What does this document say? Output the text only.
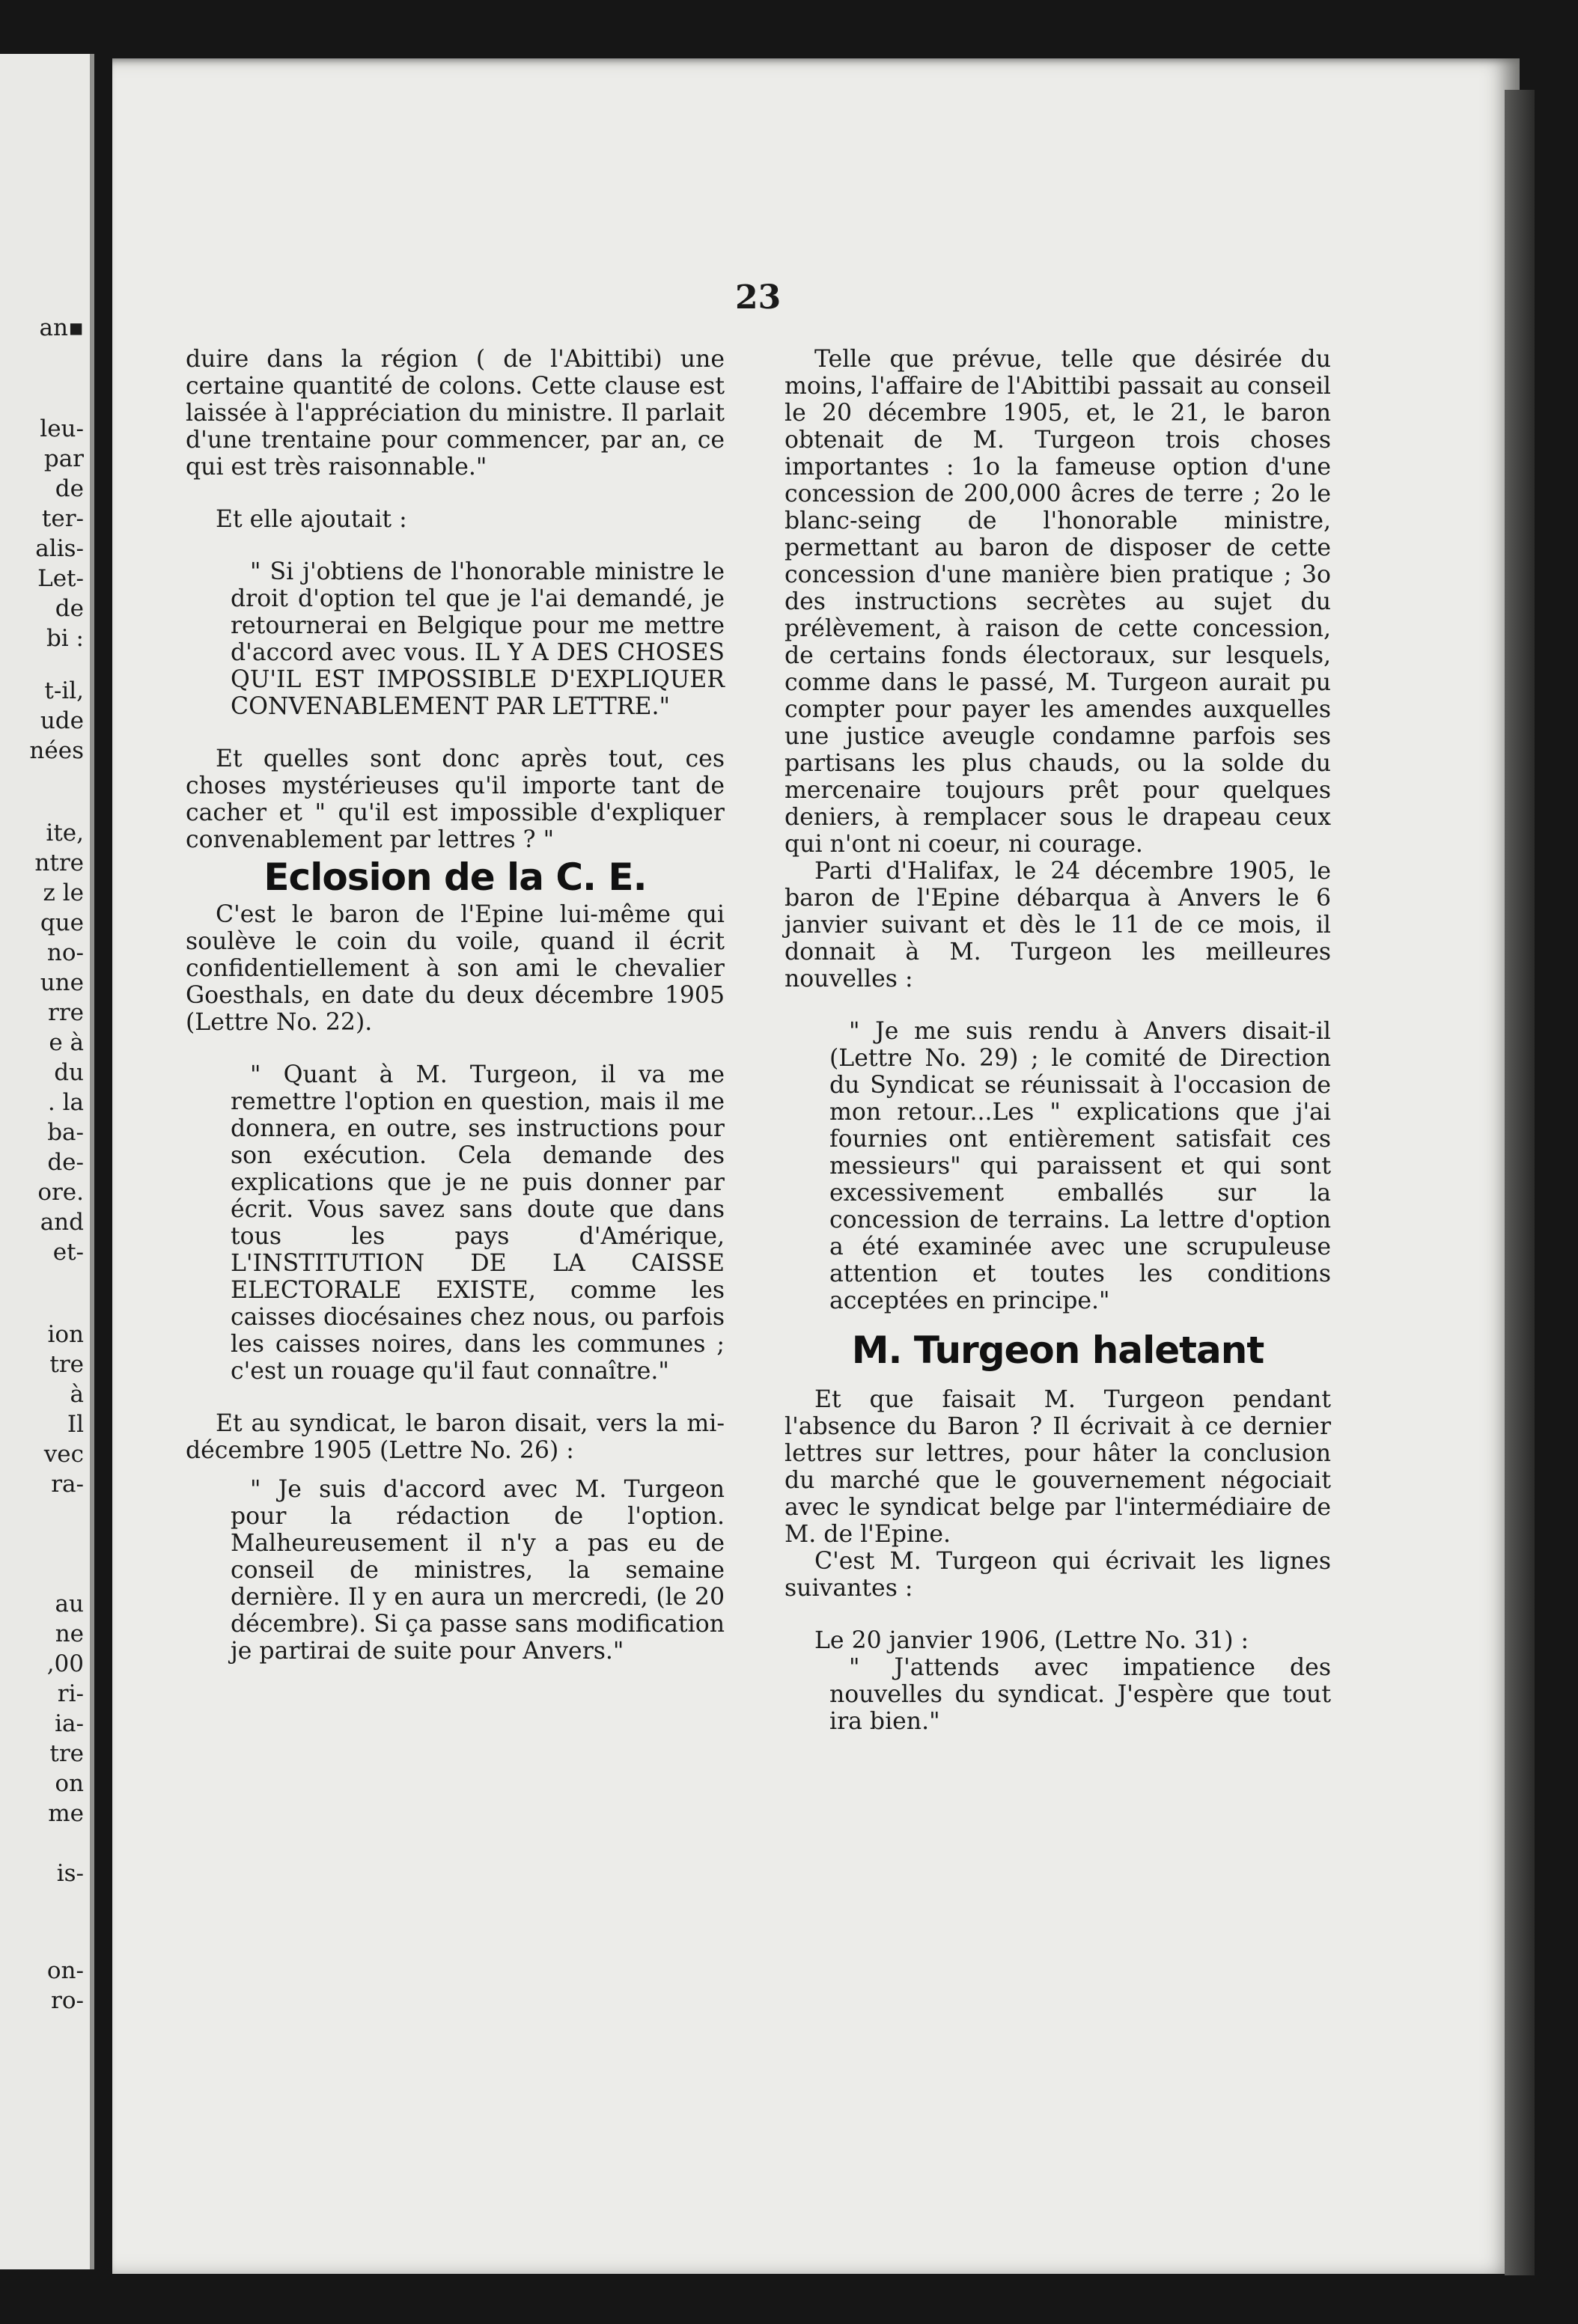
an▪
leu-
par
de
ter-
alis-
Let-
de
bi :
t-il,
ude
nées
ite,
ntre
z le
que
no-
une
rre
e à
du
. la
ba-
de-
ore.
and
et-
ion
tre
à
Il
vec
ra-
au
ne
,00
ri-
ia-
tre
on
me
is-
on-
ro-
23

duire dans la région ( de l'Abittibi) une certaine quantité de colons. Cette clause est laissée à l'appréciation du ministre. Il parlait d'une trentaine pour commencer, par an, ce qui est très raisonnable."

Et elle ajoutait :

" Si j'obtiens de l'honorable ministre le droit d'option tel que je l'ai demandé, je retournerai en Belgique pour me mettre d'accord avec vous. IL Y A DES CHOSES QU'IL EST IMPOSSIBLE D'EXPLIQUER CONVENABLEMENT PAR LETTRE."

Et quelles sont donc après tout, ces choses mystérieuses qu'il importe tant de cacher et " qu'il est impossible d'expliquer convenablement par lettres ? "

Eclosion de la C. E.

C'est le baron de l'Epine lui-même qui soulève le coin du voile, quand il écrit confidentiellement à son ami le chevalier Goesthals, en date du deux décembre 1905 (Lettre No. 22).

" Quant à M. Turgeon, il va me remettre l'option en question, mais il me donnera, en outre, ses instructions pour son exécution. Cela demande des explications que je ne puis donner par écrit. Vous savez sans doute que dans tous les pays d'Amérique, L'INSTITUTION DE LA CAISSE ELECTORALE EXISTE, comme les caisses diocésaines chez nous, ou parfois les caisses noires, dans les communes ; c'est un rouage qu'il faut connaître."

Et au syndicat, le baron disait, vers la mi-décembre 1905 (Lettre No. 26) :

" Je suis d'accord avec M. Turgeon pour la rédaction de l'option. Malheureusement il n'y a pas eu de conseil de ministres, la semaine dernière. Il y en aura un mercredi, (le 20 décembre). Si ça passe sans modification je partirai de suite pour Anvers."

Telle que prévue, telle que désirée du moins, l'affaire de l'Abittibi passait au conseil le 20 décembre 1905, et, le 21, le baron obtenait de M. Turgeon trois choses importantes : 1o la fameuse option d'une concession de 200,000 âcres de terre ; 2o le blanc-seing de l'honorable ministre, permettant au baron de disposer de cette concession d'une manière bien pratique ; 3o des instructions secrètes au sujet du prélèvement, à raison de cette concession, de certains fonds électoraux, sur lesquels, comme dans le passé, M. Turgeon aurait pu compter pour payer les amendes auxquelles une justice aveugle condamne parfois ses partisans les plus chauds, ou la solde du mercenaire toujours prêt pour quelques deniers, à remplacer sous le drapeau ceux qui n'ont ni coeur, ni courage.

Parti d'Halifax, le 24 décembre 1905, le baron de l'Epine débarqua à Anvers le 6 janvier suivant et dès le 11 de ce mois, il donnait à M. Turgeon les meilleures nouvelles :

" Je me suis rendu à Anvers disait-il (Lettre No. 29) ; le comité de Direction du Syndicat se réunissait à l'occasion de mon retour...Les " explications que j'ai fournies ont entièrement satisfait ces messieurs" qui paraissent et qui sont excessivement emballés sur la concession de terrains. La lettre d'option a été examinée avec une scrupuleuse attention et toutes les conditions acceptées en principe."

M. Turgeon haletant

Et que faisait M. Turgeon pendant l'absence du Baron ? Il écrivait à ce dernier lettres sur lettres, pour hâter la conclusion du marché que le gouvernement négociait avec le syndicat belge par l'intermédiaire de M. de l'Epine.

C'est M. Turgeon qui écrivait les lignes suivantes :

Le 20 janvier 1906, (Lettre No. 31) :

" J'attends avec impatience des nouvelles du syndicat. J'espère que tout ira bien."
